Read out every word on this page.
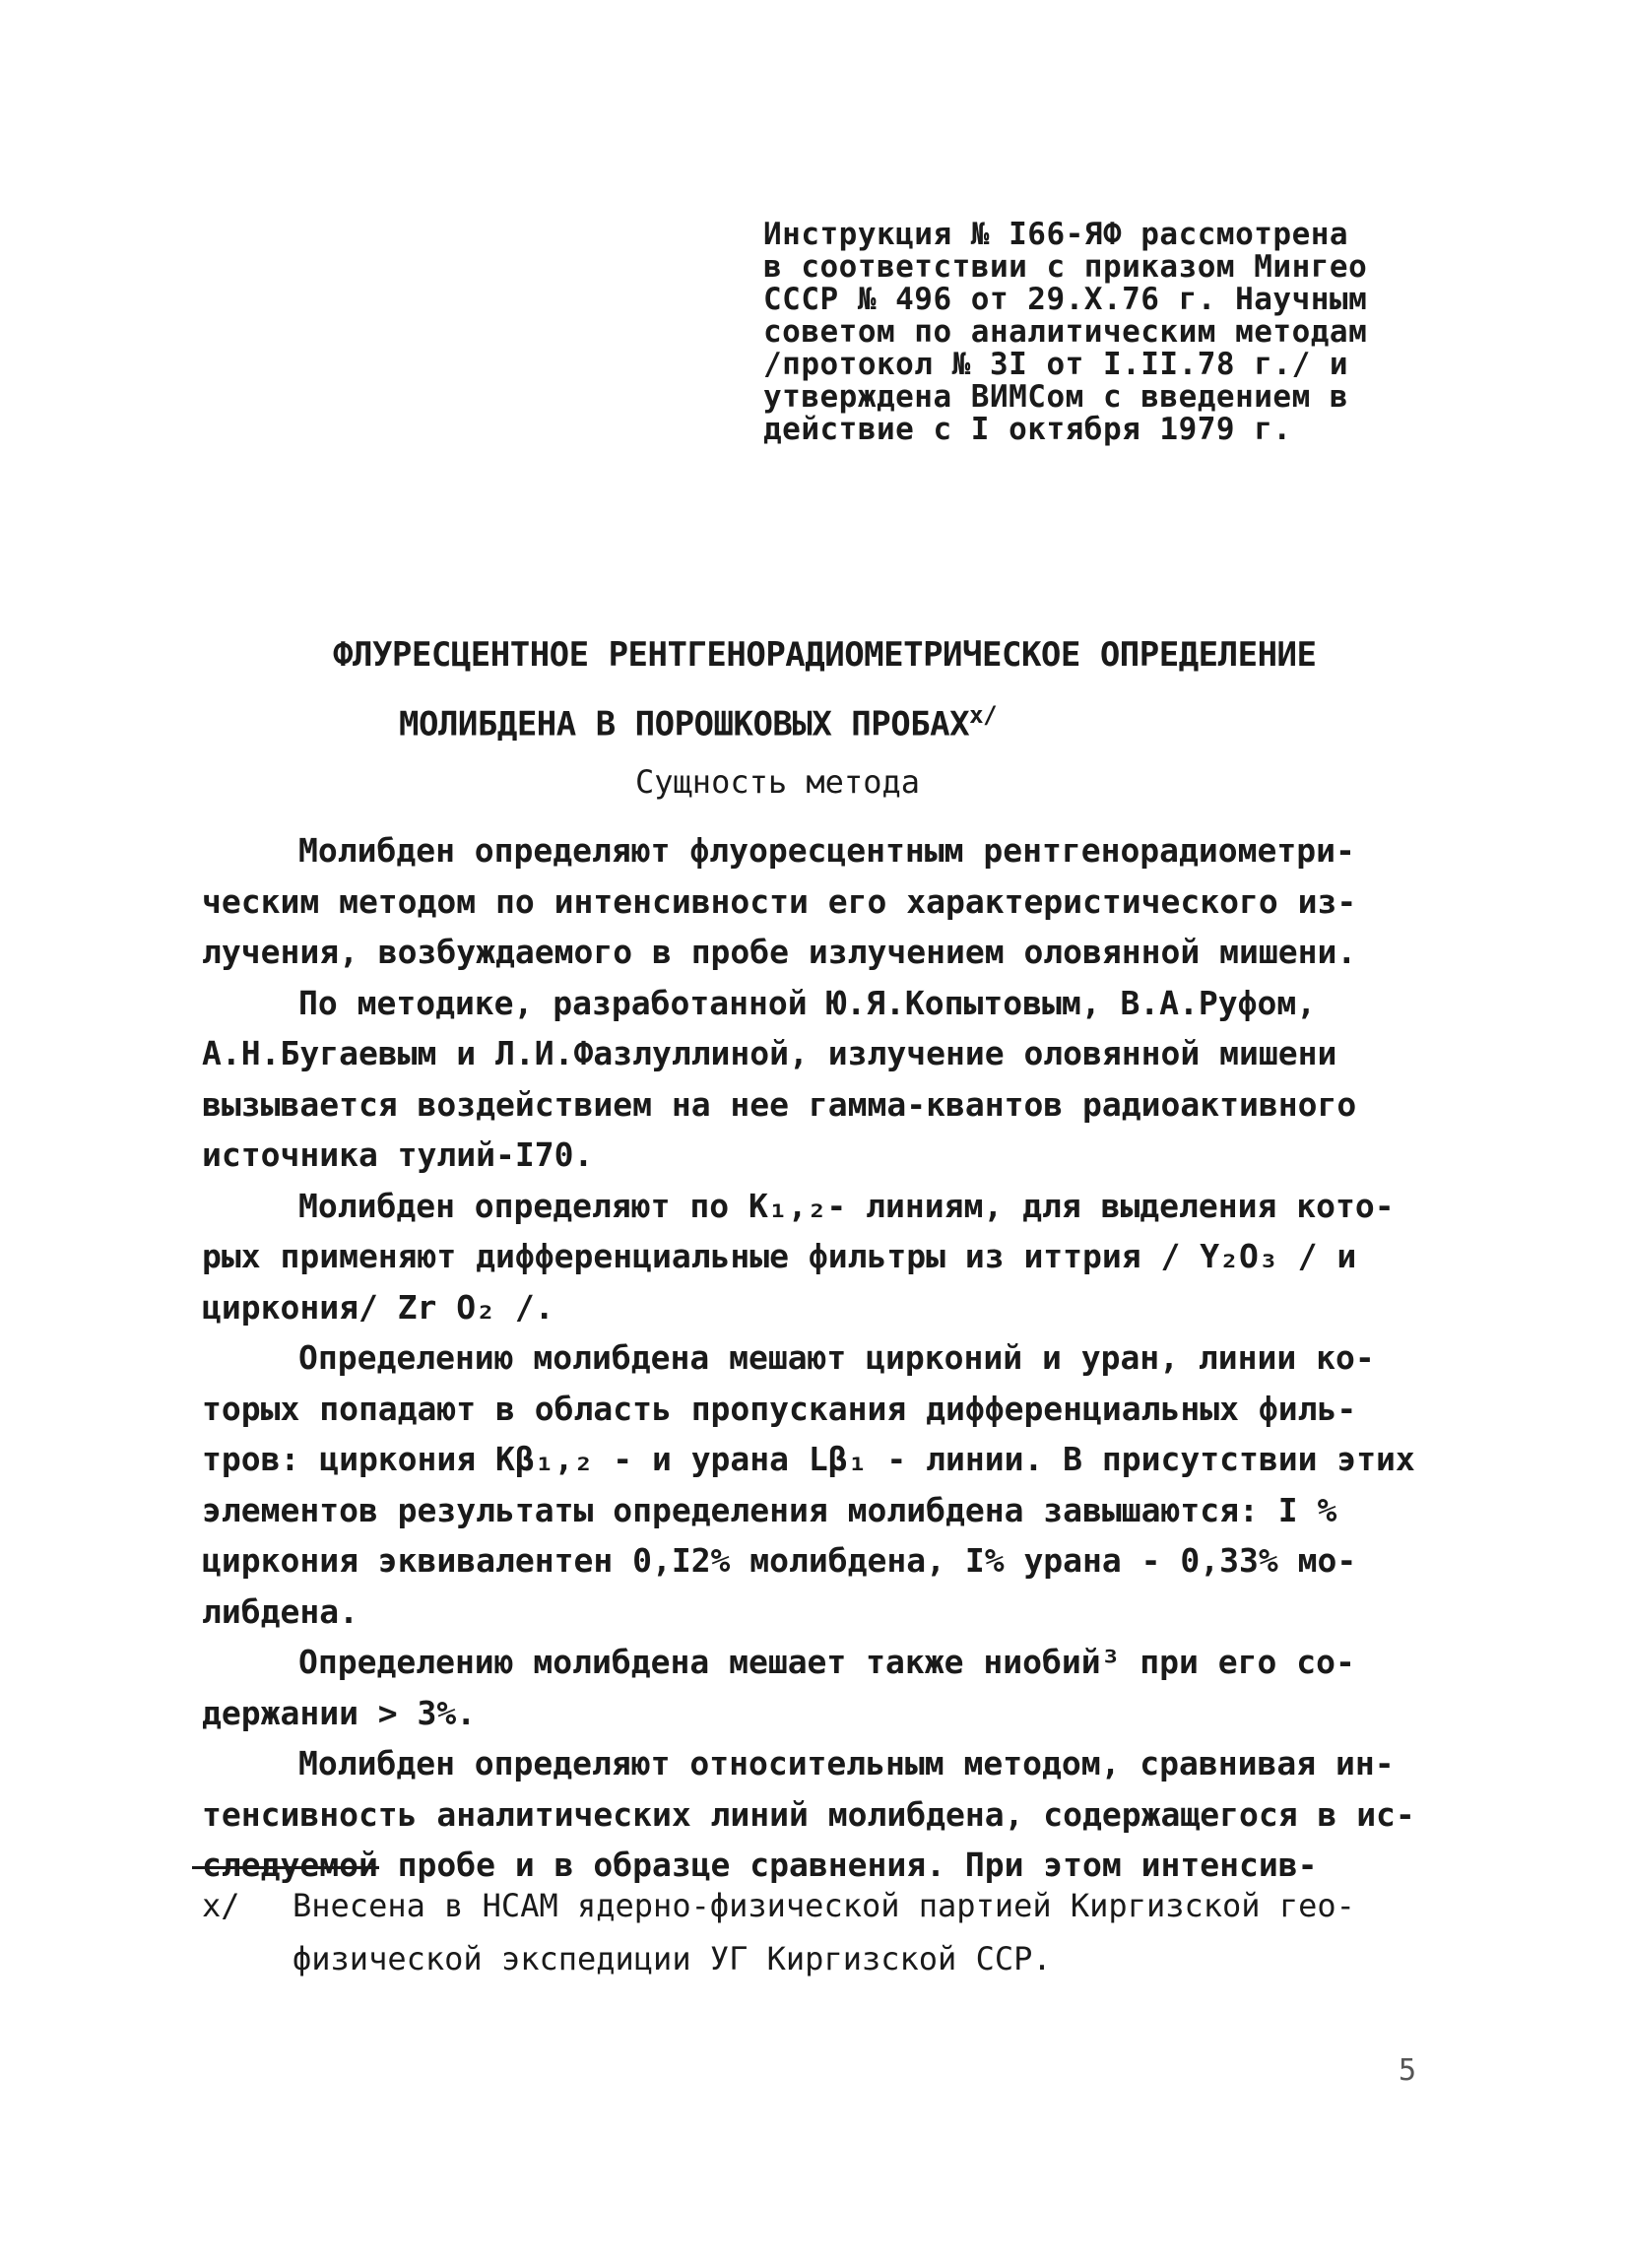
Инструкция № I66-ЯФ рассмотрена
в соответствии с приказом Мингео
СССР № 496 от 29.X.76 г. Научным
советом по аналитическим методам
/протокол № 3I от I.II.78 г./ и
утверждена ВИМСом с введением в
действие с I октября 1979 г.
ФЛУРЕСЦЕНТНОЕ РЕНТГЕНОРАДИОМЕТРИЧЕСКОЕ ОПРЕДЕЛЕНИЕ
МОЛИБДЕНА В ПОРОШКОВЫХ $ПРОБАХ^{x/}$
Сущность метода
Молибден определяют флуоресцентным рентгенорадиометри-
ческим методом по интенсивности его характеристического из-
лучения, возбуждаемого в пробе излучением оловянной мишени.
По методике, разработанной Ю.Я.Копытовым, В.А.Руфом,
А.Н.Бугаевым и Л.И.Фазлуллиной, излучение оловянной мишени
вызывается воздействием на нее гамма-квантов радиоактивного
источника тулий-I70.
Молибден определяют по K₁,₂- линиям, для выделения кото-
рых применяют дифференциальные фильтры из иттрия / Y₂O₃ / и
циркония/ Zr O₂ /.
Определению молибдена мешают цирконий и уран, линии ко-
торых попадают в область пропускания дифференциальных филь-
тров: циркония Kβ₁,₂ - и урана Lβ₁ - линии. В присутствии этих
элементов результаты определения молибдена завышаются: I %
циркония эквивалентен 0,I2% молибдена, I% урана - 0,33% мо-
либдена.
Определению молибдена мешает также ниобий³ при его со-
держании > 3%.
Молибден определяют относительным методом, сравнивая ин-
тенсивность аналитических линий молибдена, содержащегося в ис-
следуемой пробе и в образце сравнения. При этом интенсив-
x/ Внесена в НСАМ ядерно-физической партией Киргизской гео-
физической экспедиции УГ Киргизской ССР.
5
